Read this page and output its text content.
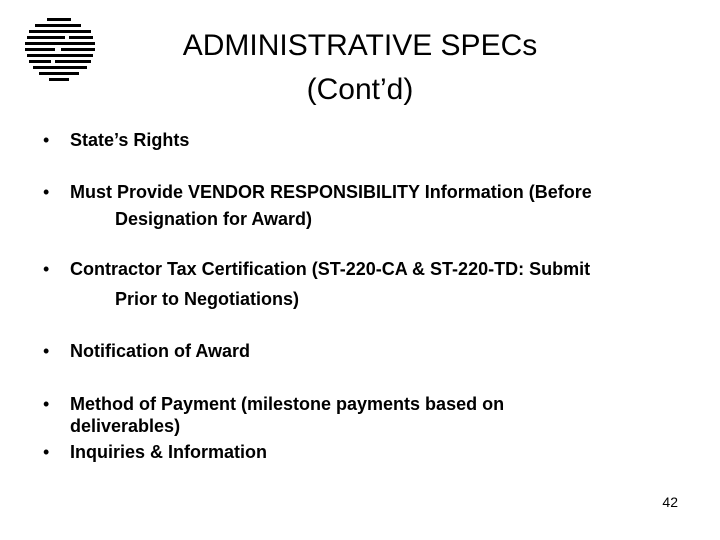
ADMINISTRATIVE SPECs
(Cont’d)
• State’s Rights
• Must Provide VENDOR RESPONSIBILITY Information (Before
Designation for Award)
• Contractor Tax Certification (ST-220-CA & ST-220-TD: Submit
Prior to Negotiations)
• Notification of Award
• Method of Payment (milestone payments based on
deliverables)
• Inquiries & Information
42
